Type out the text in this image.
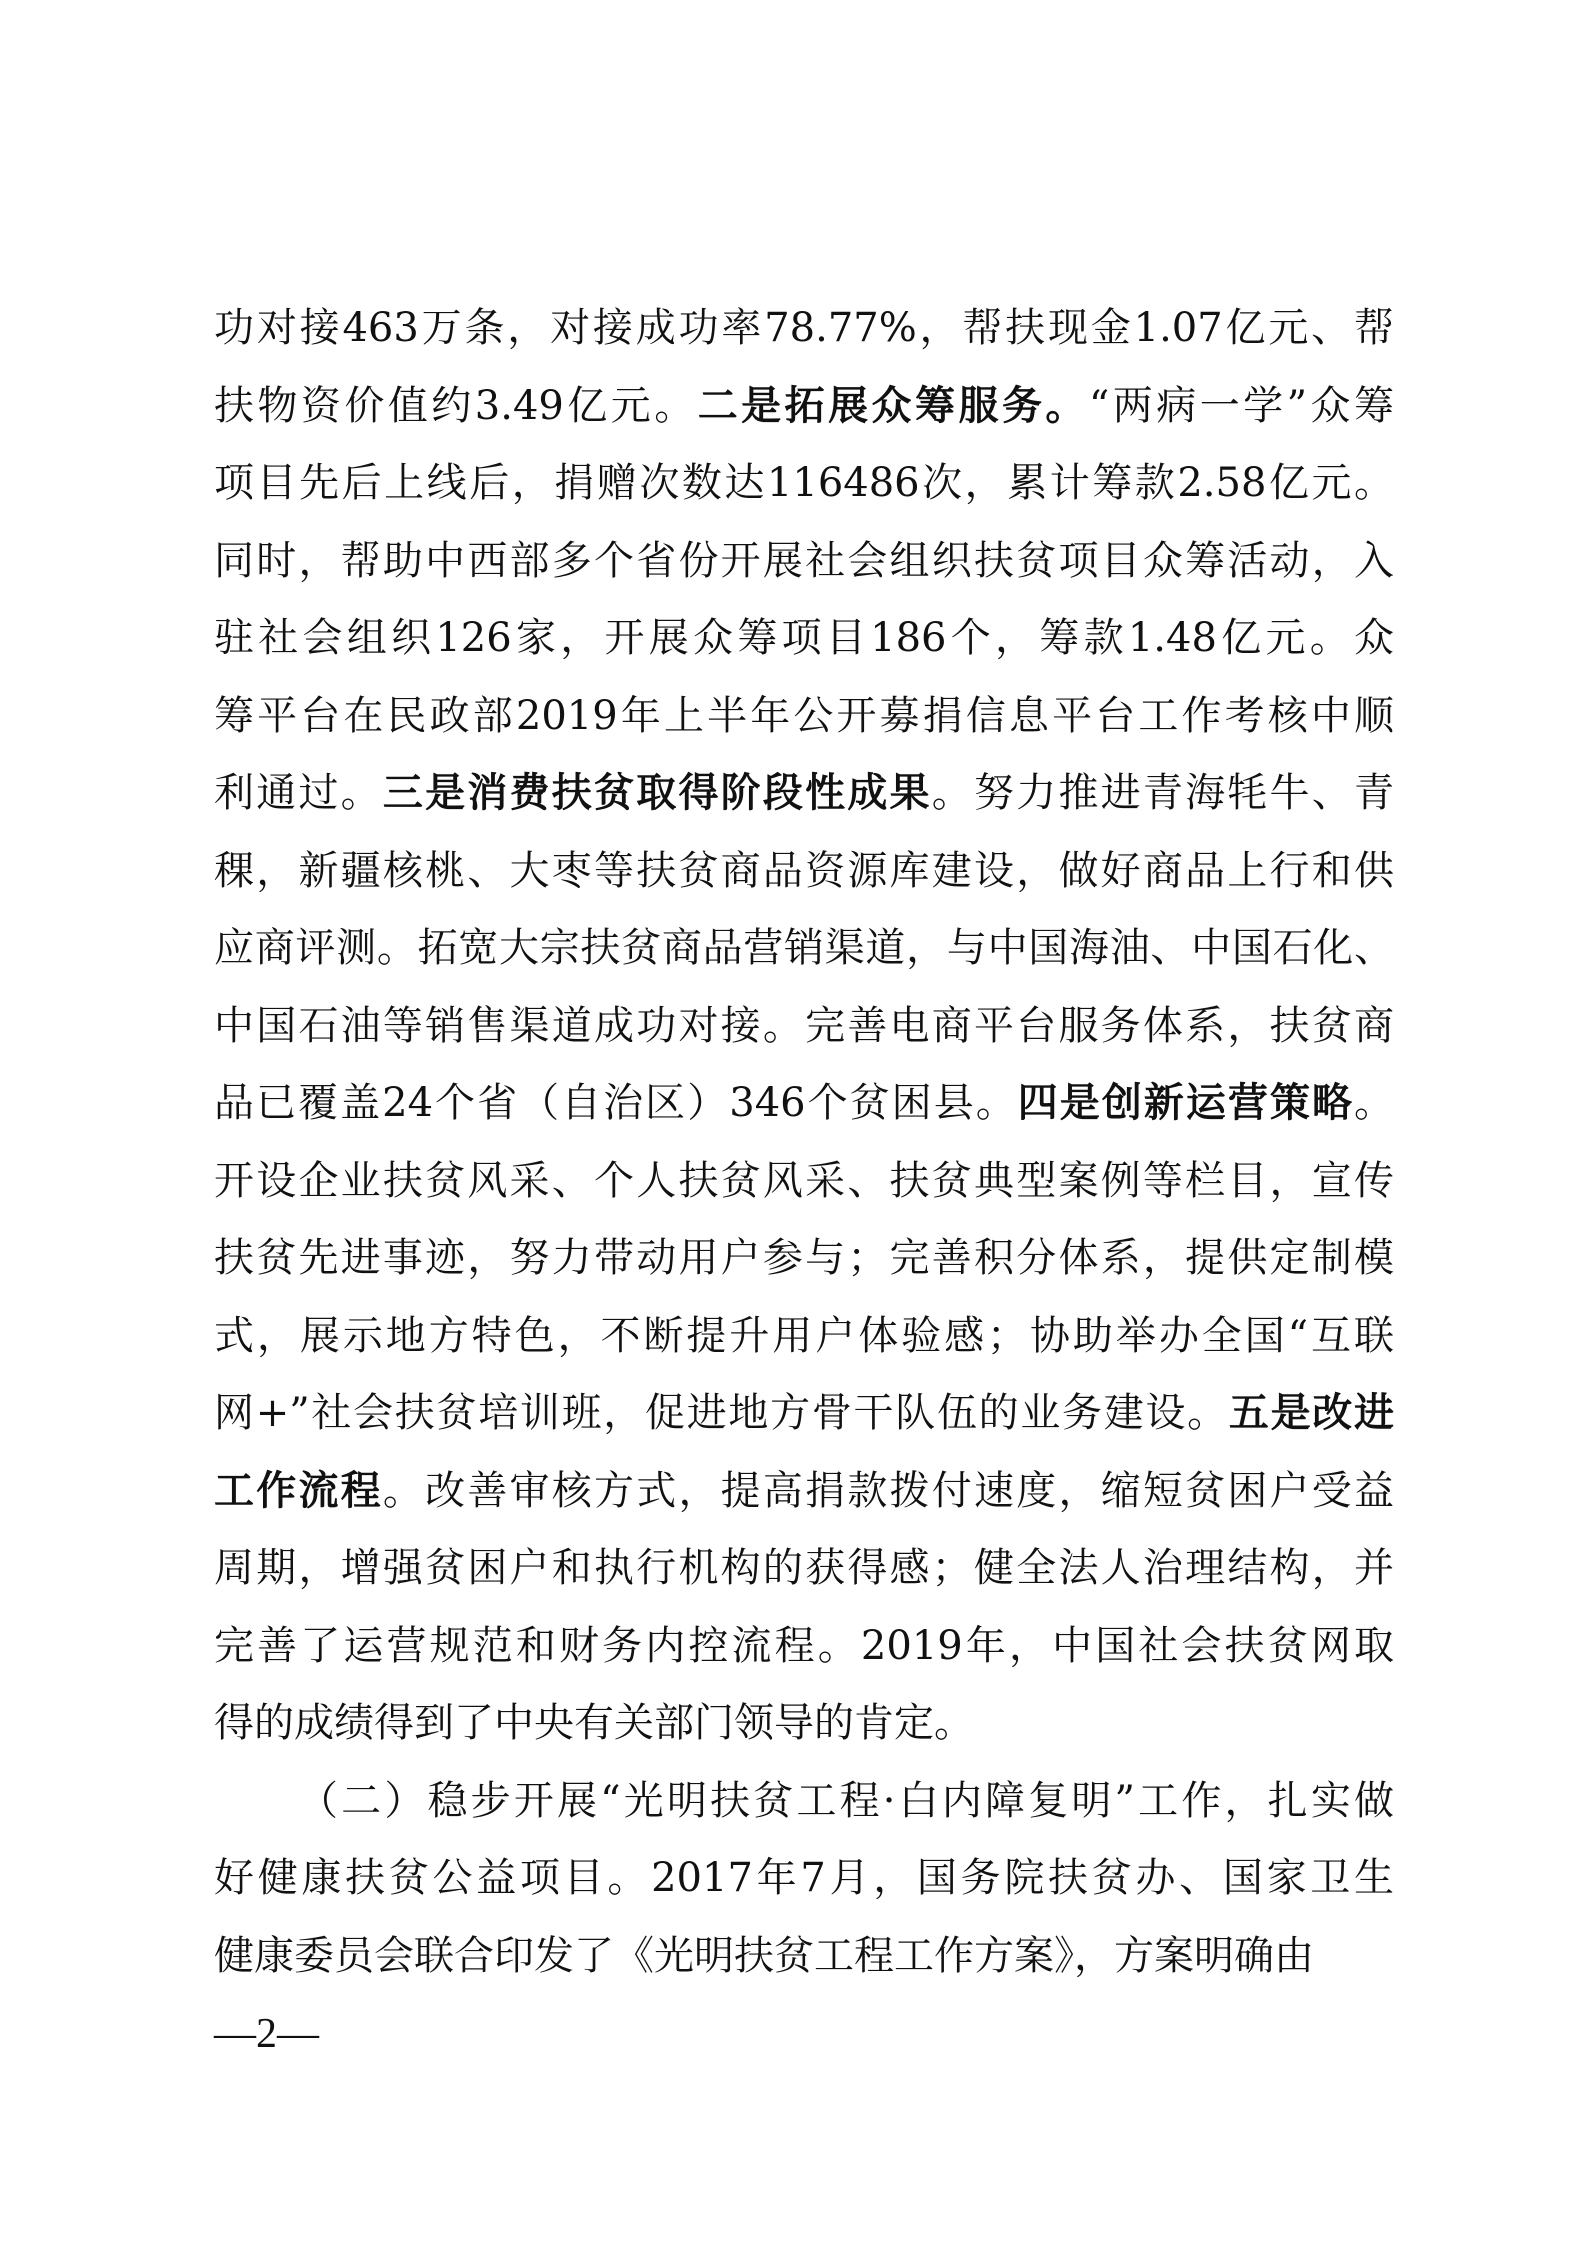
功对接463万条，对接成功率78.77%，帮扶现金1.07亿元、帮
扶物资价值约3.49亿元。二是拓展众筹服务。“两病一学”众筹
项目先后上线后，捐赠次数达116486次，累计筹款2.58亿元。
同时，帮助中西部多个省份开展社会组织扶贫项目众筹活动，入
驻社会组织126家，开展众筹项目186个，筹款1.48亿元。众
筹平台在民政部2019年上半年公开募捐信息平台工作考核中顺
利通过。三是消费扶贫取得阶段性成果。努力推进青海牦牛、青
稞，新疆核桃、大枣等扶贫商品资源库建设，做好商品上行和供
应商评测。拓宽大宗扶贫商品营销渠道，与中国海油、中国石化、
中国石油等销售渠道成功对接。完善电商平台服务体系，扶贫商
品已覆盖24个省（自治区）346个贫困县。四是创新运营策略。
开设企业扶贫风采、个人扶贫风采、扶贫典型案例等栏目，宣传
扶贫先进事迹，努力带动用户参与；完善积分体系，提供定制模
式，展示地方特色，不断提升用户体验感；协助举办全国“互联
网+”社会扶贫培训班，促进地方骨干队伍的业务建设。五是改进
工作流程。改善审核方式，提高捐款拨付速度，缩短贫困户受益
周期，增强贫困户和执行机构的获得感；健全法人治理结构，并
完善了运营规范和财务内控流程。2019年，中国社会扶贫网取
得的成绩得到了中央有关部门领导的肯定。
（二）稳步开展“光明扶贫工程·白内障复明”工作，扎实做
好健康扶贫公益项目。2017年7月，国务院扶贫办、国家卫生
健康委员会联合印发了《光明扶贫工程工作方案》，方案明确由
—2—
